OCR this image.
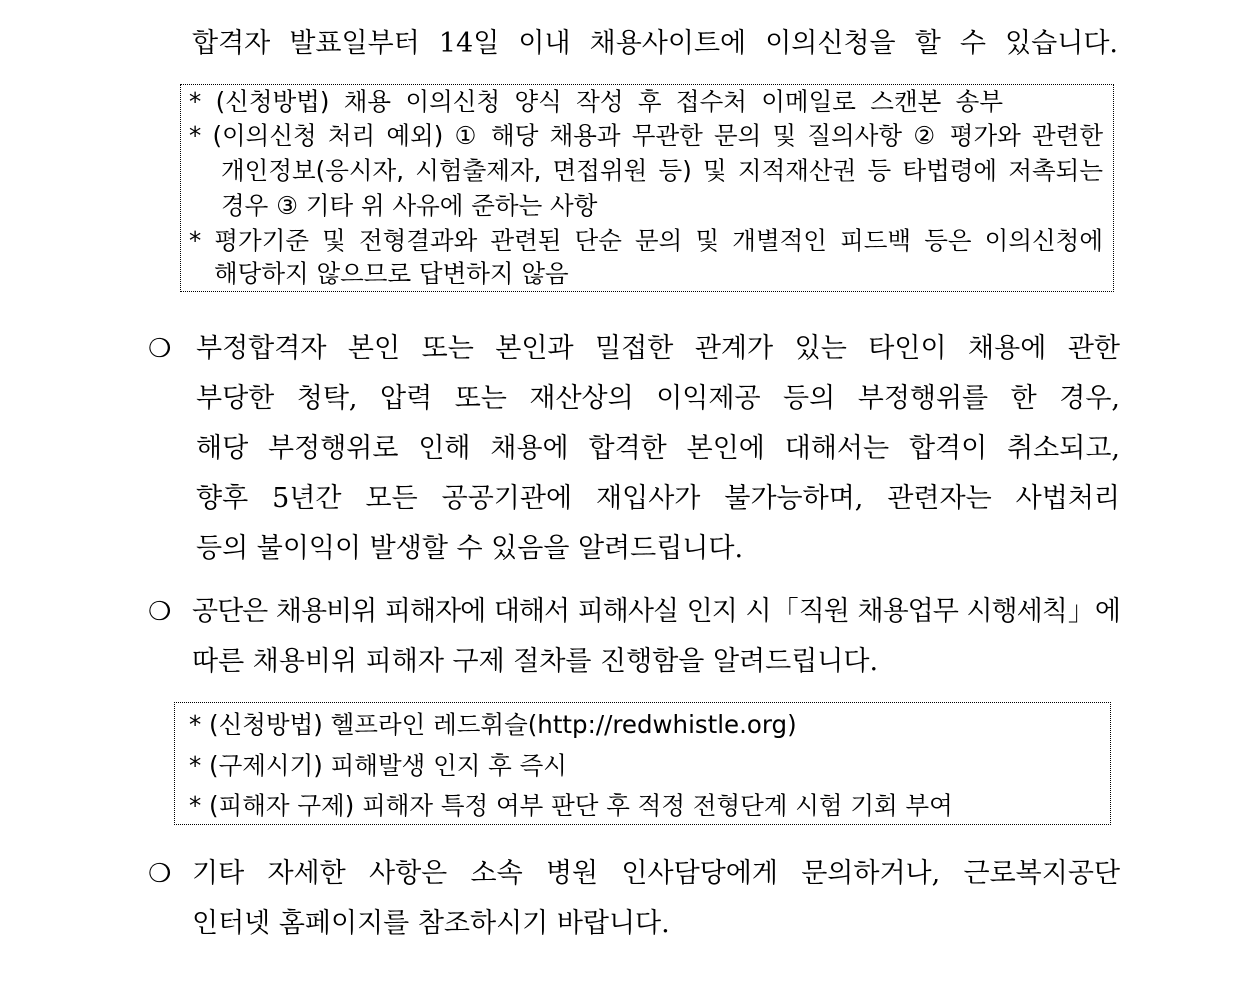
합격자 발표일부터 14일 이내 채용사이트에 이의신청을 할 수 있습니다.
* (신청방법) 채용 이의신청 양식 작성 후 접수처 이메일로 스캔본 송부
* (이의신청 처리 예외) ① 해당 채용과 무관한 문의 및 질의사항 ② 평가와 관련한
개인정보(응시자, 시험출제자, 면접위원 등) 및 지적재산권 등 타법령에 저촉되는
경우 ③ 기타 위 사유에 준하는 사항
* 평가기준 및 전형결과와 관련된 단순 문의 및 개별적인 피드백 등은 이의신청에
해당하지 않으므로 답변하지 않음
❍ 부정합격자 본인 또는 본인과 밀접한 관계가 있는 타인이 채용에 관한
부당한 청탁, 압력 또는 재산상의 이익제공 등의 부정행위를 한 경우,
해당 부정행위로 인해 채용에 합격한 본인에 대해서는 합격이 취소되고,
향후 5년간 모든 공공기관에 재입사가 불가능하며, 관련자는 사법처리
등의 불이익이 발생할 수 있음을 알려드립니다.
❍ 공단은 채용비위 피해자에 대해서 피해사실 인지 시「직원 채용업무 시행세칙」에
따른 채용비위 피해자 구제 절차를 진행함을 알려드립니다.
* (신청방법) 헬프라인 레드휘슬(http://redwhistle.org)
* (구제시기) 피해발생 인지 후 즉시
* (피해자 구제) 피해자 특정 여부 판단 후 적정 전형단계 시험 기회 부여
❍ 기타 자세한 사항은 소속 병원 인사담당에게 문의하거나, 근로복지공단
인터넷 홈페이지를 참조하시기 바랍니다.
